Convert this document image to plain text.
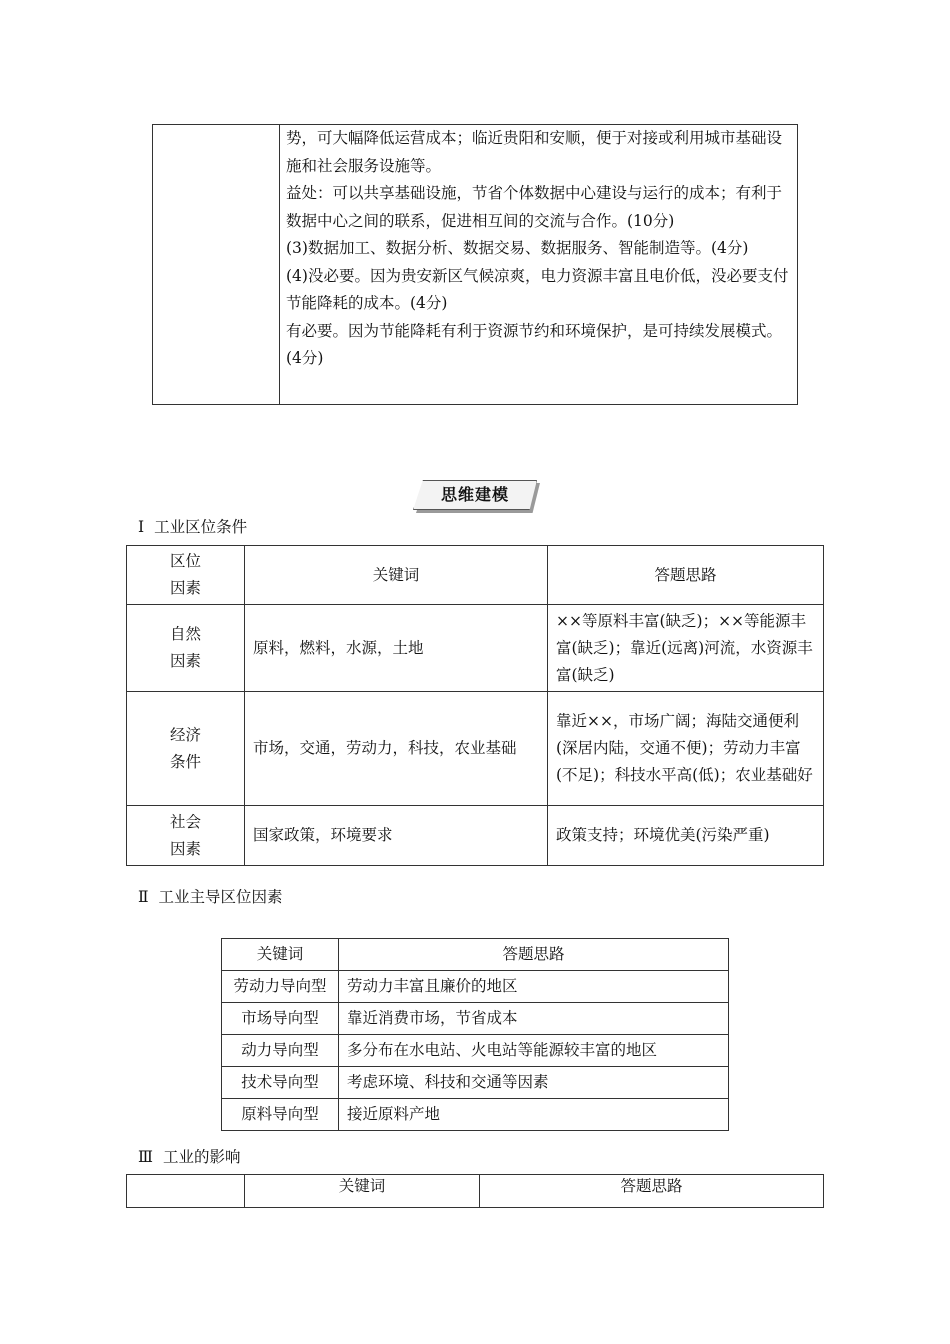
势，可大幅降低运营成本；临近贵阳和安顺，便于对接或利用城市基础设施和社会服务设施等。
益处：可以共享基础设施，节省个体数据中心建设与运行的成本；有利于数据中心之间的联系，促进相互间的交流与合作。(10分)
(3)数据加工、数据分析、数据交易、数据服务、智能制造等。(4分)
(4)没必要。因为贵安新区气候凉爽，电力资源丰富且电价低，没必要支付节能降耗的成本。(4分)
有必要。因为节能降耗有利于资源节约和环境保护，是可持续发展模式。(4分)
思维建模
Ⅰ 工业区位条件
区位
因素	关键词	答题思路
自然
因素	原料，燃料，水源，土地	××等原料丰富(缺乏)；××等能源丰富(缺乏)；靠近(远离)河流，水资源丰富(缺乏)
经济
条件	市场，交通，劳动力，科技，农业基础	靠近××，市场广阔；海陆交通便利(深居内陆，交通不便)；劳动力丰富(不足)；科技水平高(低)；农业基础好
社会
因素	国家政策，环境要求	政策支持；环境优美(污染严重)
Ⅱ 工业主导区位因素
关键词	答题思路
劳动力导向型	劳动力丰富且廉价的地区
市场导向型	靠近消费市场，节省成本
动力导向型	多分布在水电站、火电站等能源较丰富的地区
技术导向型	考虑环境、科技和交通等因素
原料导向型	接近原料产地
Ⅲ 工业的影响
	关键词	答题思路
